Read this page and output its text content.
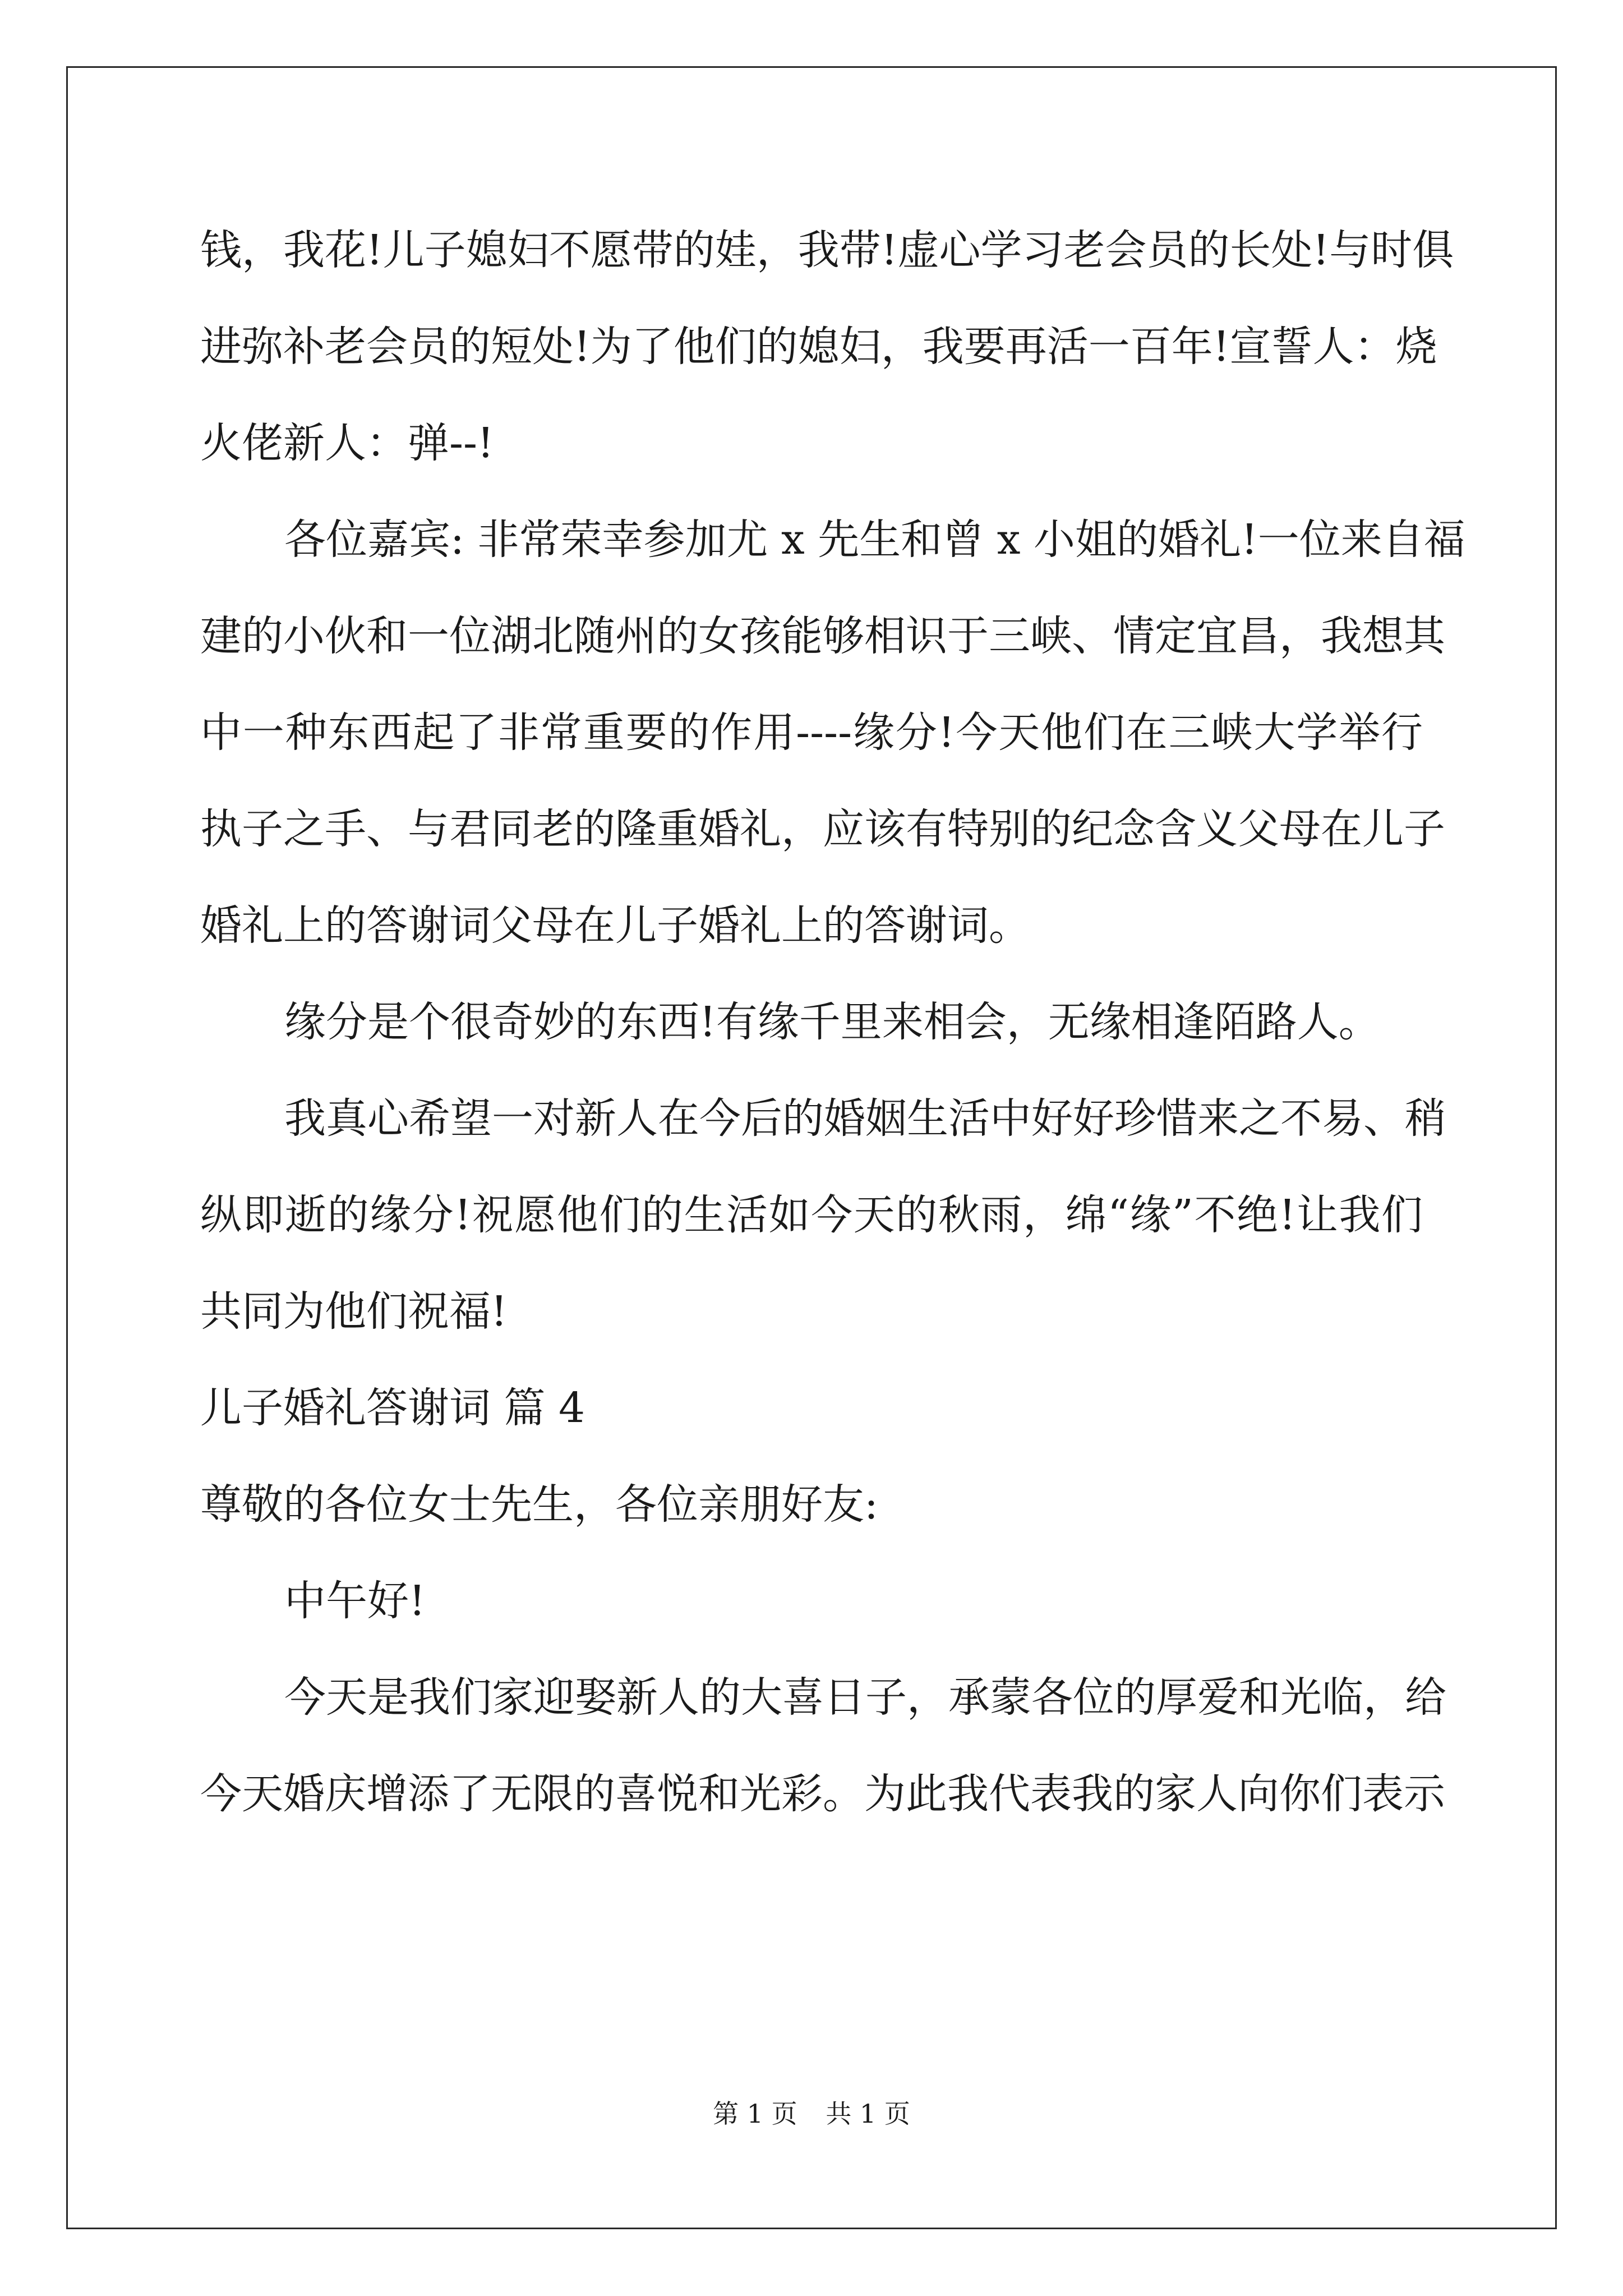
钱，我花!儿子媳妇不愿带的娃，我带!虚心学习老会员的长处!与时俱
进弥补老会员的短处!为了他们的媳妇，我要再活一百年!宣誓人：烧
火佬新人：弹--!
各位嘉宾: 非常荣幸参加尤 x 先生和曾 x 小姐的婚礼!一位来自福
建的小伙和一位湖北随州的女孩能够相识于三峡、情定宜昌，我想其
中一种东西起了非常重要的作用----缘分!今天他们在三峡大学举行
执子之手、与君同老的隆重婚礼，应该有特别的纪念含义父母在儿子
婚礼上的答谢词父母在儿子婚礼上的答谢词。
缘分是个很奇妙的东西!有缘千里来相会，无缘相逢陌路人。
我真心希望一对新人在今后的婚姻生活中好好珍惜来之不易、稍
纵即逝的缘分!祝愿他们的生活如今天的秋雨，绵“缘”不绝!让我们
共同为他们祝福!
儿子婚礼答谢词 篇 4
尊敬的各位女士先生，各位亲朋好友:
中午好!
今天是我们家迎娶新人的大喜日子，承蒙各位的厚爱和光临，给
今天婚庆增添了无限的喜悦和光彩。为此我代表我的家人向你们表示
第 1 页 共 1 页
